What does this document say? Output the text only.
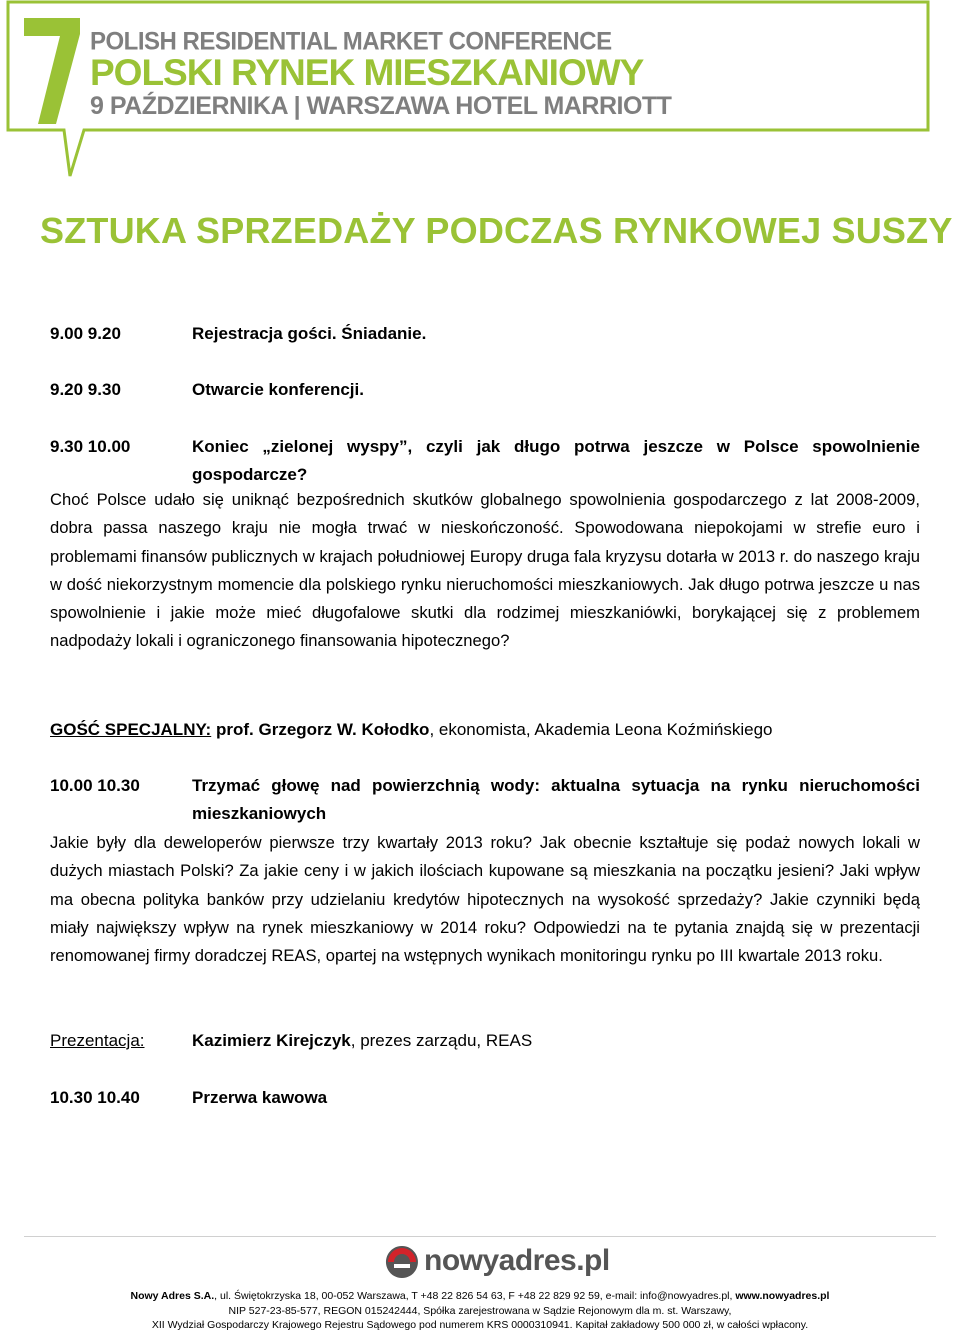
POLISH RESIDENTIAL MARKET CONFERENCE
POLSKI RYNEK MIESZKANIOWY
9 PAŹDZIERNIKA | WARSZAWA HOTEL MARRIOTT
SZTUKA SPRZEDAŻY PODCZAS RYNKOWEJ SUSZY
9.00 9.20	Rejestracja gości. Śniadanie.
9.20 9.30	Otwarcie konferencji.
9.30 10.00	Koniec „zielonej wyspy”, czyli jak długo potrwa jeszcze w Polsce spowolnienie
gospodarcze?
Choć Polsce udało się uniknąć bezpośrednich skutków globalnego spowolnienia gospodarczego z lat 2008-2009, dobra passa naszego kraju nie mogła trwać w nieskończoność. Spowodowana niepokojami w strefie euro i problemami finansów publicznych w krajach południowej Europy druga fala kryzysu dotarła w 2013 r. do naszego kraju w dość niekorzystnym momencie dla polskiego rynku nieruchomości mieszkaniowych. Jak długo potrwa jeszcze u nas spowolnienie i jakie może mieć długofalowe skutki dla rodzimej mieszkaniówki, borykającej się z problemem nadpodaży lokali i ograniczonego finansowania hipotecznego?
GOŚĆ SPECJALNY: prof. Grzegorz W. Kołodko, ekonomista, Akademia Leona Koźmińskiego
10.00 10.30	Trzymać głowę nad powierzchnią wody: aktualna sytuacja na rynku nieruchomości
mieszkaniowych
Jakie były dla deweloperów pierwsze trzy kwartały 2013 roku? Jak obecnie kształtuje się podaż nowych lokali w dużych miastach Polski? Za jakie ceny i w jakich ilościach kupowane są mieszkania na początku jesieni? Jaki wpływ ma obecna polityka banków przy udzielaniu kredytów hipotecznych na wysokość sprzedaży? Jakie czynniki będą miały największy wpływ na rynek mieszkaniowy w 2014 roku? Odpowiedzi na te pytania znajdą się w prezentacji renomowanej firmy doradczej REAS, opartej na wstępnych wynikach monitoringu rynku po III kwartale 2013 roku.
Prezentacja:	Kazimierz Kirejczyk, prezes zarządu, REAS
10.30 10.40	Przerwa kawowa
nowyadres.pl
Nowy Adres S.A., ul. Świętokrzyska 18, 00-052 Warszawa, T +48 22 826 54 63, F +48 22 829 92 59, e-mail: info@nowyadres.pl, www.nowyadres.pl
NIP 527-23-85-577, REGON 015242444, Spółka zarejestrowana w Sądzie Rejonowym dla m. st. Warszawy,
XII Wydział Gospodarczy Krajowego Rejestru Sądowego pod numerem KRS 0000310941. Kapitał zakładowy 500 000 zł, w całości wpłacony.
